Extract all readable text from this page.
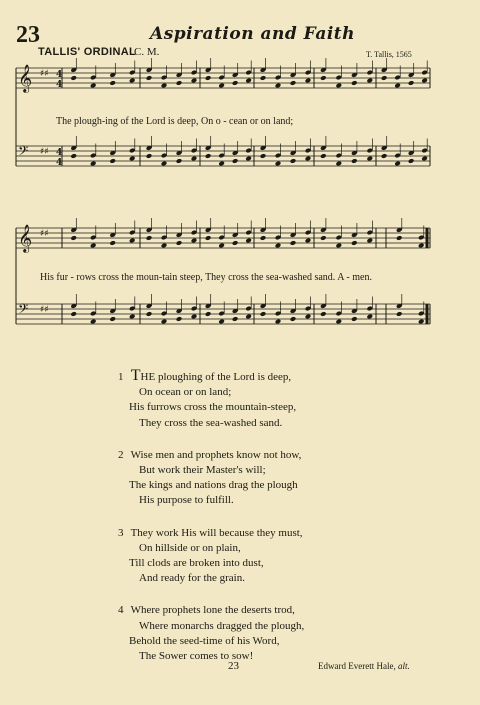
23	Aspiration and Faith
TALLIS' ORDINAL
C. M.	T. Tallis, 1565
𝄞 ♯♯ 4
4
𝄢 ♯♯ 4
4
𝄞 ♯♯
𝄢 ♯♯
The plough-ing of the Lord is deep, On o - cean or on land;
His fur - rows cross the moun-tain steep, They cross the sea-washed sand. A - men.
1 THE ploughing of the Lord is deep,
On ocean or on land;
His furrows cross the mountain-steep,
They cross the sea-washed sand.
2 Wise men and prophets know not how,
But work their Master's will;
The kings and nations drag the plough
His purpose to fulfill.
3 They work His will because they must,
On hillside or on plain,
Till clods are broken into dust,
And ready for the grain.
4 Where prophets lone the deserts trod,
Where monarchs dragged the plough,
Behold the seed-time of his Word,
The Sower comes to sow!
23	Edward Everett Hale, alt.
